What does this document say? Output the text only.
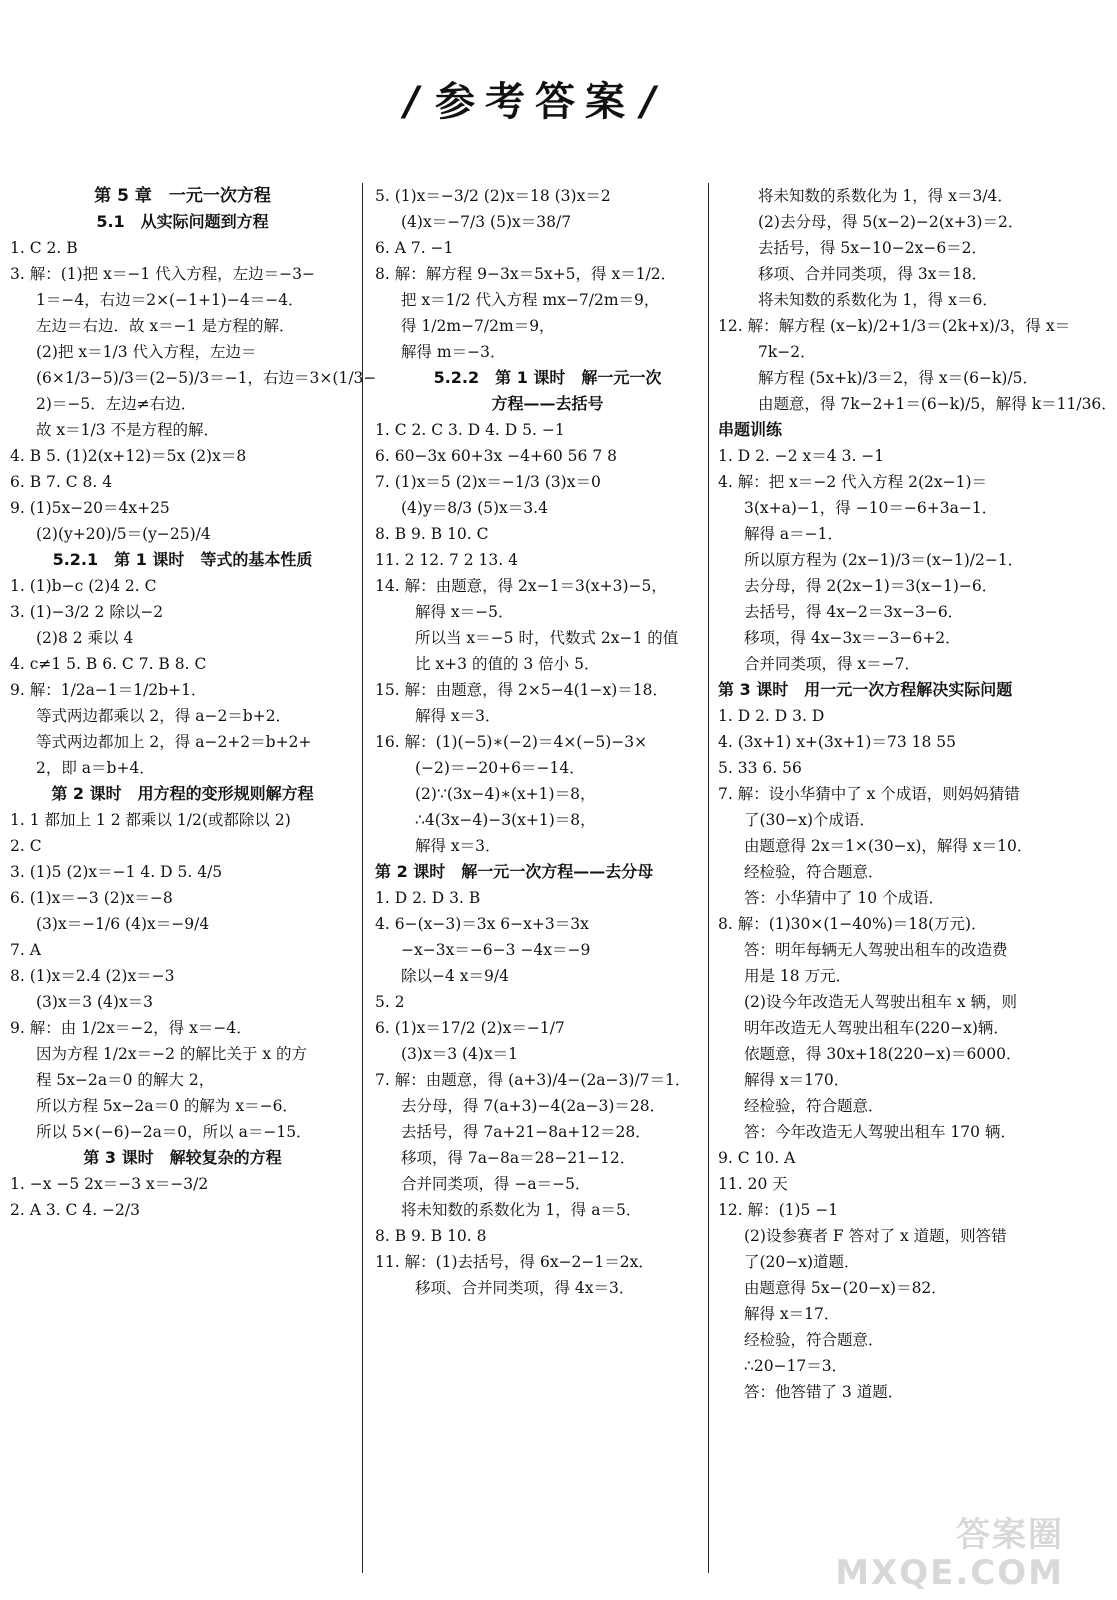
/ 参考答案 /
第 5 章　一元一次方程
5.1　从实际问题到方程
1. C 2. B
3. 解：(1)把 x＝−1 代入方程，左边＝−3−
1＝−4，右边＝2×(−1+1)−4＝−4．
左边＝右边．故 x＝−1 是方程的解．
(2)把 x＝1/3 代入方程，左边＝
(6×1/3−5)/3＝(2−5)/3＝−1，右边＝3×(1/3−
2)＝−5．左边≠右边．
故 x＝1/3 不是方程的解．
4. B 5. (1)2(x+12)＝5x (2)x＝8
6. B 7. C 8. 4
9. (1)5x−20＝4x+25
(2)(y+20)/5＝(y−25)/4
5.2.1　第 1 课时　等式的基本性质
1. (1)b−c (2)4 2. C
3. (1)−3/2 2 除以−2
(2)8 2 乘以 4
4. c≠1 5. B 6. C 7. B 8. C
9. 解：1/2a−1＝1/2b+1．
等式两边都乘以 2，得 a−2＝b+2．
等式两边都加上 2，得 a−2+2＝b+2+
2，即 a＝b+4．
第 2 课时　用方程的变形规则解方程
1. 1 都加上 1 2 都乘以 1/2(或都除以 2)
2. C
3. (1)5 (2)x＝−1 4. D 5. 4/5
6. (1)x＝−3 (2)x＝−8
(3)x＝−1/6 (4)x＝−9/4
7. A
8. (1)x＝2.4 (2)x＝−3
(3)x＝3 (4)x＝3
9. 解：由 1/2x＝−2，得 x＝−4．
因为方程 1/2x＝−2 的解比关于 x 的方
程 5x−2a＝0 的解大 2，
所以方程 5x−2a＝0 的解为 x＝−6．
所以 5×(−6)−2a＝0，所以 a＝−15．
第 3 课时　解较复杂的方程
1. −x −5 2x＝−3 x＝−3/2
2. A 3. C 4. −2/3
5. (1)x＝−3/2 (2)x＝18 (3)x＝2
(4)x＝−7/3 (5)x＝38/7
6. A 7. −1
8. 解：解方程 9−3x＝5x+5，得 x＝1/2．
把 x＝1/2 代入方程 mx−7/2m＝9，
得 1/2m−7/2m＝9，
解得 m＝−3．
5.2.2　第 1 课时　解一元一次
方程——去括号
1. C 2. C 3. D 4. D 5. −1
6. 60−3x 60+3x −4+60 56 7 8
7. (1)x＝5 (2)x＝−1/3 (3)x＝0
(4)y＝8/3 (5)x＝3.4
8. B 9. B 10. C
11. 2 12. 7 2 13. 4
14. 解：由题意，得 2x−1＝3(x+3)−5，
解得 x＝−5．
所以当 x＝−5 时，代数式 2x−1 的值
比 x+3 的值的 3 倍小 5．
15. 解：由题意，得 2×5−4(1−x)＝18．
解得 x＝3．
16. 解：(1)(−5)∗(−2)＝4×(−5)−3×
(−2)＝−20+6＝−14．
(2)∵(3x−4)∗(x+1)＝8，
∴4(3x−4)−3(x+1)＝8，
解得 x＝3．
第 2 课时　解一元一次方程——去分母
1. D 2. D 3. B
4. 6−(x−3)＝3x 6−x+3＝3x
−x−3x＝−6−3 −4x＝−9
除以−4 x＝9/4
5. 2
6. (1)x＝17/2 (2)x＝−1/7
(3)x＝3 (4)x＝1
7. 解：由题意，得 (a+3)/4−(2a−3)/7＝1．
去分母，得 7(a+3)−4(2a−3)＝28．
去括号，得 7a+21−8a+12＝28．
移项，得 7a−8a＝28−21−12．
合并同类项，得 −a＝−5．
将未知数的系数化为 1，得 a＝5．
8. B 9. B 10. 8
11. 解：(1)去括号，得 6x−2−1＝2x．
移项、合并同类项，得 4x＝3．
将未知数的系数化为 1，得 x＝3/4．
(2)去分母，得 5(x−2)−2(x+3)＝2．
去括号，得 5x−10−2x−6＝2．
移项、合并同类项，得 3x＝18．
将未知数的系数化为 1，得 x＝6．
12. 解：解方程 (x−k)/2+1/3＝(2k+x)/3，得 x＝
7k−2．
解方程 (5x+k)/3＝2，得 x＝(6−k)/5．
由题意，得 7k−2+1＝(6−k)/5，解得 k＝11/36．
串题训练
1. D 2. −2 x＝4 3. −1
4. 解：把 x＝−2 代入方程 2(2x−1)＝
3(x+a)−1，得 −10＝−6+3a−1．
解得 a＝−1．
所以原方程为 (2x−1)/3＝(x−1)/2−1．
去分母，得 2(2x−1)＝3(x−1)−6．
去括号，得 4x−2＝3x−3−6．
移项，得 4x−3x＝−3−6+2．
合并同类项，得 x＝−7．
第 3 课时　用一元一次方程解决实际问题
1. D 2. D 3. D
4. (3x+1) x+(3x+1)＝73 18 55
5. 33 6. 56
7. 解：设小华猜中了 x 个成语，则妈妈猜错
了(30−x)个成语．
由题意得 2x＝1×(30−x)，解得 x＝10．
经检验，符合题意．
答：小华猜中了 10 个成语．
8. 解：(1)30×(1−40%)＝18(万元)．
答：明年每辆无人驾驶出租车的改造费
用是 18 万元．
(2)设今年改造无人驾驶出租车 x 辆，则
明年改造无人驾驶出租车(220−x)辆．
依题意，得 30x+18(220−x)＝6000．
解得 x＝170．
经检验，符合题意．
答：今年改造无人驾驶出租车 170 辆．
9. C 10. A
11. 20 天
12. 解：(1)5 −1
(2)设参赛者 F 答对了 x 道题，则答错
了(20−x)道题．
由题意得 5x−(20−x)＝82．
解得 x＝17．
经检验，符合题意．
∴20−17＝3．
答：他答错了 3 道题．
答案圈
MXQE.COM
